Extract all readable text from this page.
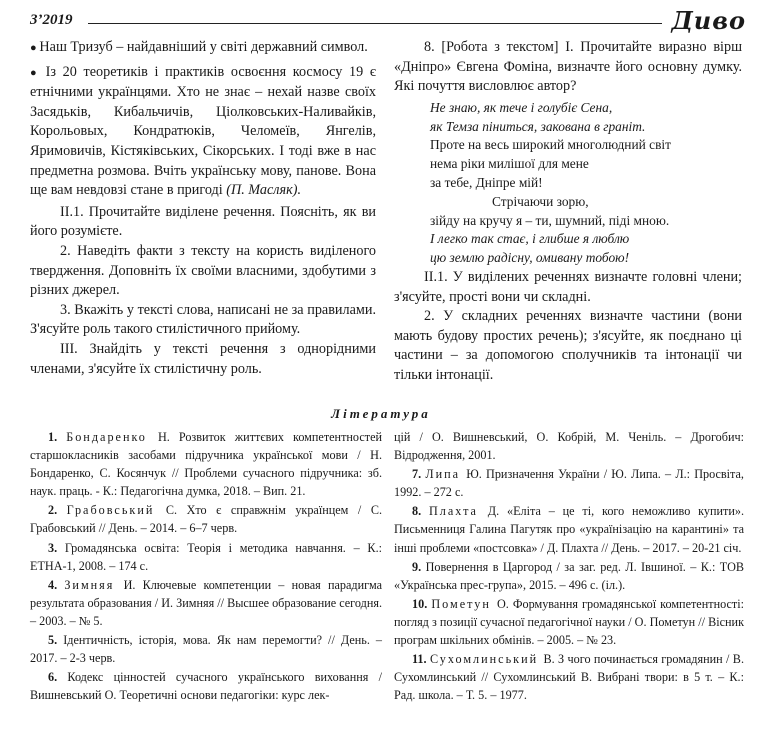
3’2019	Дивo

● Наш Тризуб – найдавніший у світі державний символ.

● Із 20 теоретиків і практиків освоєння космосу 19 є етнічними українцями. Хто не знає – нехай назве своїх Засядьків, Кибальчичів, Ціолковських-Наливайків, Корольовых, Кондратюків, Челомеїв, Янгелів, Яримовичів, Кістяківських, Сікорських. І тоді вже в нас предметна розмова. Вчіть українську мову, панове. Вона ще вам невдовзі стане в пригоді (П. Масляк).

II.1. Прочитайте виділене речення. Поясніть, як ви його розумієте.

2. Наведіть факти з тексту на користь виділеного твердження. Доповніть їх своїми власними, здобутими з різних джерел.

3. Вкажіть у тексті слова, написані не за правилами. З'ясуйте роль такого стилістичного прийому.

III. Знайдіть у тексті речення з однорідними членами, з'ясуйте їх стилістичну роль.

8. [Робота з текстом] І. Прочитайте виразно вірш «Дніпро» Євгена Фоміна, визначте його основну думку. Які почуття висловлює автор?

Не знаю, як тече і голубіє Сена,
як Темза піниться, закована в граніт.
Проте на весь широкий многолюдний світ
нема ріки милішої для мене
за тебе, Дніпре мій!
Стрічаючи зорю,
зійду на кручу я – ти, шумний, піді мною.
І легко так стає, і глибше я люблю
цю землю радісну, омивану тобою!

II.1. У виділених реченнях визначте головні члени; з'ясуйте, прості вони чи складні.

2. У складних реченнях визначте частини (вони мають будову простих речень); з'ясуйте, як поєднано ці частини – за допомогою сполучників та інтонації чи тільки інтонації.

Література

1. Бондаренко Н. Розвиток життєвих компетентностей старшокласників засобами підручника української мови / Н. Бондаренко, С. Косянчук // Проблеми сучасного підручника: зб. наук. праць. - К.: Педагогічна думка, 2018. – Вип. 21.

2. Грабовський С. Хто є справжнім українцем / С. Грабовський // День. – 2014. – 6–7 черв.

3. Громадянська освіта: Теорія і методика навчання. – К.: ЕТНА-1, 2008. – 174 с.

4. Зимняя И. Ключевые компетенции – новая парадигма результата образования / И. Зимняя // Высшее образование сегодня. – 2003. – № 5.

5. Ідентичність, історія, мова. Як нам перемогти? // День. – 2017. – 2-3 черв.

6. Кодекс цінностей сучасного українського виховання / Вишневський О. Теоретичні основи педагогіки: курс лек-

цій / О. Вишневський, О. Кобрій, М. Ченіль. – Дрогобич: Відродження, 2001.

7. Липа Ю. Призначення України / Ю. Липа. – Л.: Просвіта, 1992. – 272 с.

8. Плахта Д. «Еліта – це ті, кого неможливо купити». Письменниця Галина Пагутяк про «українізацію на карантині» та інші проблеми «постсовка» / Д. Плахта // День. – 2017. – 20-21 січ.

9. Повернення в Царгород / за заг. ред. Л. Івшиної. – К.: ТОВ «Українська прес-група», 2015. – 496 с. (іл.).

10. Пометун О. Формування громадянської компетентності: погляд з позиції сучасної педагогічної науки / О. Пометун // Вісник програм шкільних обмінів. – 2005. – № 23.

11. Сухомлинський В. З чого починається громадянин / В. Сухомлинський // Сухомлинський В. Вибрані твори: в 5 т. – К.: Рад. школа. – Т. 5. – 1977.
